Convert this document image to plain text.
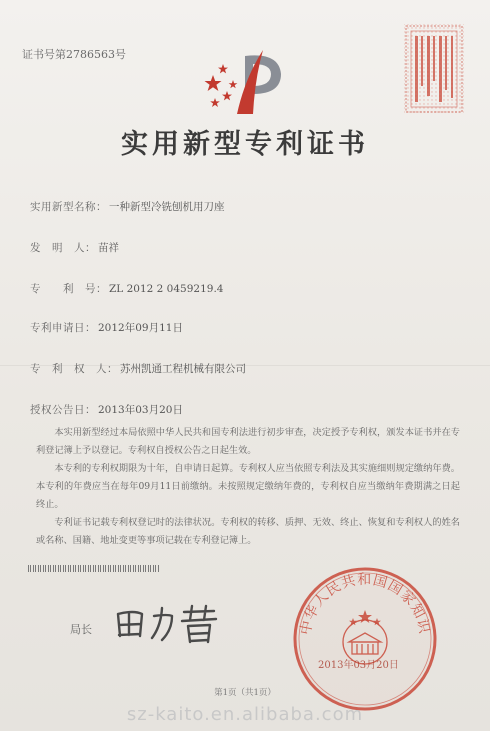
证书号第2786563号
实用新型专利证书
实用新型名称： 一种新型冷铣刨机用刀座
发　明　人： 苗祥
专　　利　号： ZL 2012 2 0459219.4
专利申请日： 2012年09月11日
专　利　权　人： 苏州凯通工程机械有限公司
授权公告日： 2013年03月20日
本实用新型经过本局依照中华人民共和国专利法进行初步审查，决定授予专利权，颁发本证书并在专利登记簿上予以登记。专利权自授权公告之日起生效。
本专利的专利权期限为十年，自申请日起算。专利权人应当依照专利法及其实施细则规定缴纳年费。本专利的年费应当在每年09月11日前缴纳。未按照规定缴纳年费的，专利权自应当缴纳年费期满之日起终止。
专利证书记载专利权登记时的法律状况。专利权的转移、质押、无效、终止、恢复和专利权人的姓名或名称、国籍、地址变更等事项记载在专利登记簿上。
局长	中华人民共和国国家知识
2013年03月20日
第1页（共1页）
sz-kaito.en.alibaba.com
